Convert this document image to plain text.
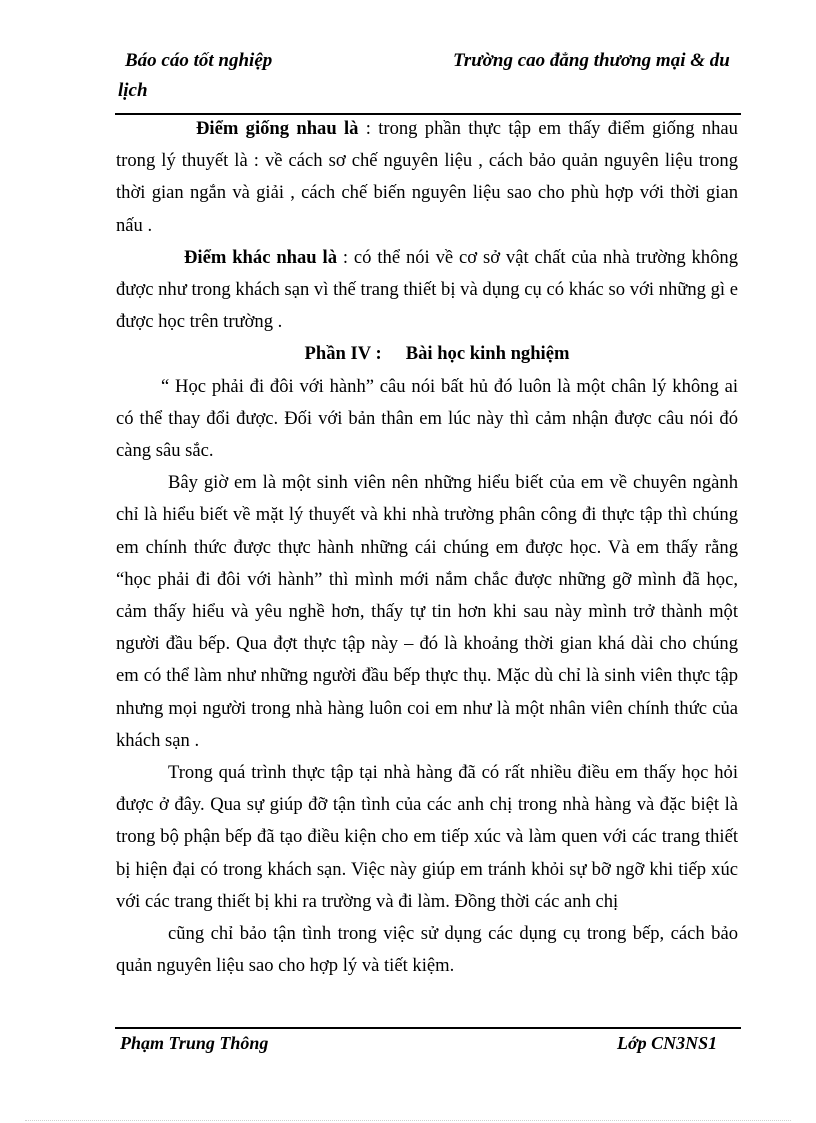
Báo cáo tốt nghiệp	Trường cao đẳng thương mại & du
lịch

Điểm giống nhau là : trong phần thực tập em thấy điểm giống nhau trong lý thuyết là : về cách sơ chế nguyên liệu , cách bảo quản nguyên liệu trong thời gian ngắn và giải , cách chế biến nguyên liệu sao cho phù hợp với thời gian nấu .

Điểm khác nhau là : có thể nói về cơ sở vật chất của nhà trường không được như trong khách sạn vì thế trang thiết bị và dụng cụ có khác so với những gì e được học trên trường .

Phần IV : Bài học kinh nghiệm

“ Học phải đi đôi với hành” câu nói bất hủ đó luôn là một chân lý không ai có thể thay đổi được. Đối với bản thân em lúc này thì cảm nhận được câu nói đó càng sâu sắc.

Bây giờ em là một sinh viên nên những hiểu biết của em về chuyên ngành chỉ là hiểu biết về mặt lý thuyết và khi nhà trường phân công đi thực tập thì chúng em chính thức được thực hành những cái chúng em được học. Và em thấy rằng “học phải đi đôi với hành” thì mình mới nắm chắc được những gỡ mình đã học, cảm thấy hiểu và yêu nghề hơn, thấy tự tin hơn khi sau này mình trở thành một người đầu bếp. Qua đợt thực tập này – đó là khoảng thời gian khá dài cho chúng em có thể làm như những người đầu bếp thực thụ. Mặc dù chỉ là sinh viên thực tập nhưng mọi người trong nhà hàng luôn coi em như là một nhân viên chính thức của khách sạn .

Trong quá trình thực tập tại nhà hàng đã có rất nhiều điều em thấy học hỏi được ở đây. Qua sự giúp đỡ tận tình của các anh chị trong nhà hàng và đặc biệt là trong bộ phận bếp đã tạo điều kiện cho em tiếp xúc và làm quen với các trang thiết bị hiện đại có trong khách sạn. Việc này giúp em tránh khỏi sự bỡ ngỡ khi tiếp xúc với các trang thiết bị khi ra trường và đi làm. Đồng thời các anh chị

cũng chỉ bảo tận tình trong việc sử dụng các dụng cụ trong bếp, cách bảo quản nguyên liệu sao cho hợp lý và tiết kiệm.

Phạm Trung Thông	Lớp CN3NS1
